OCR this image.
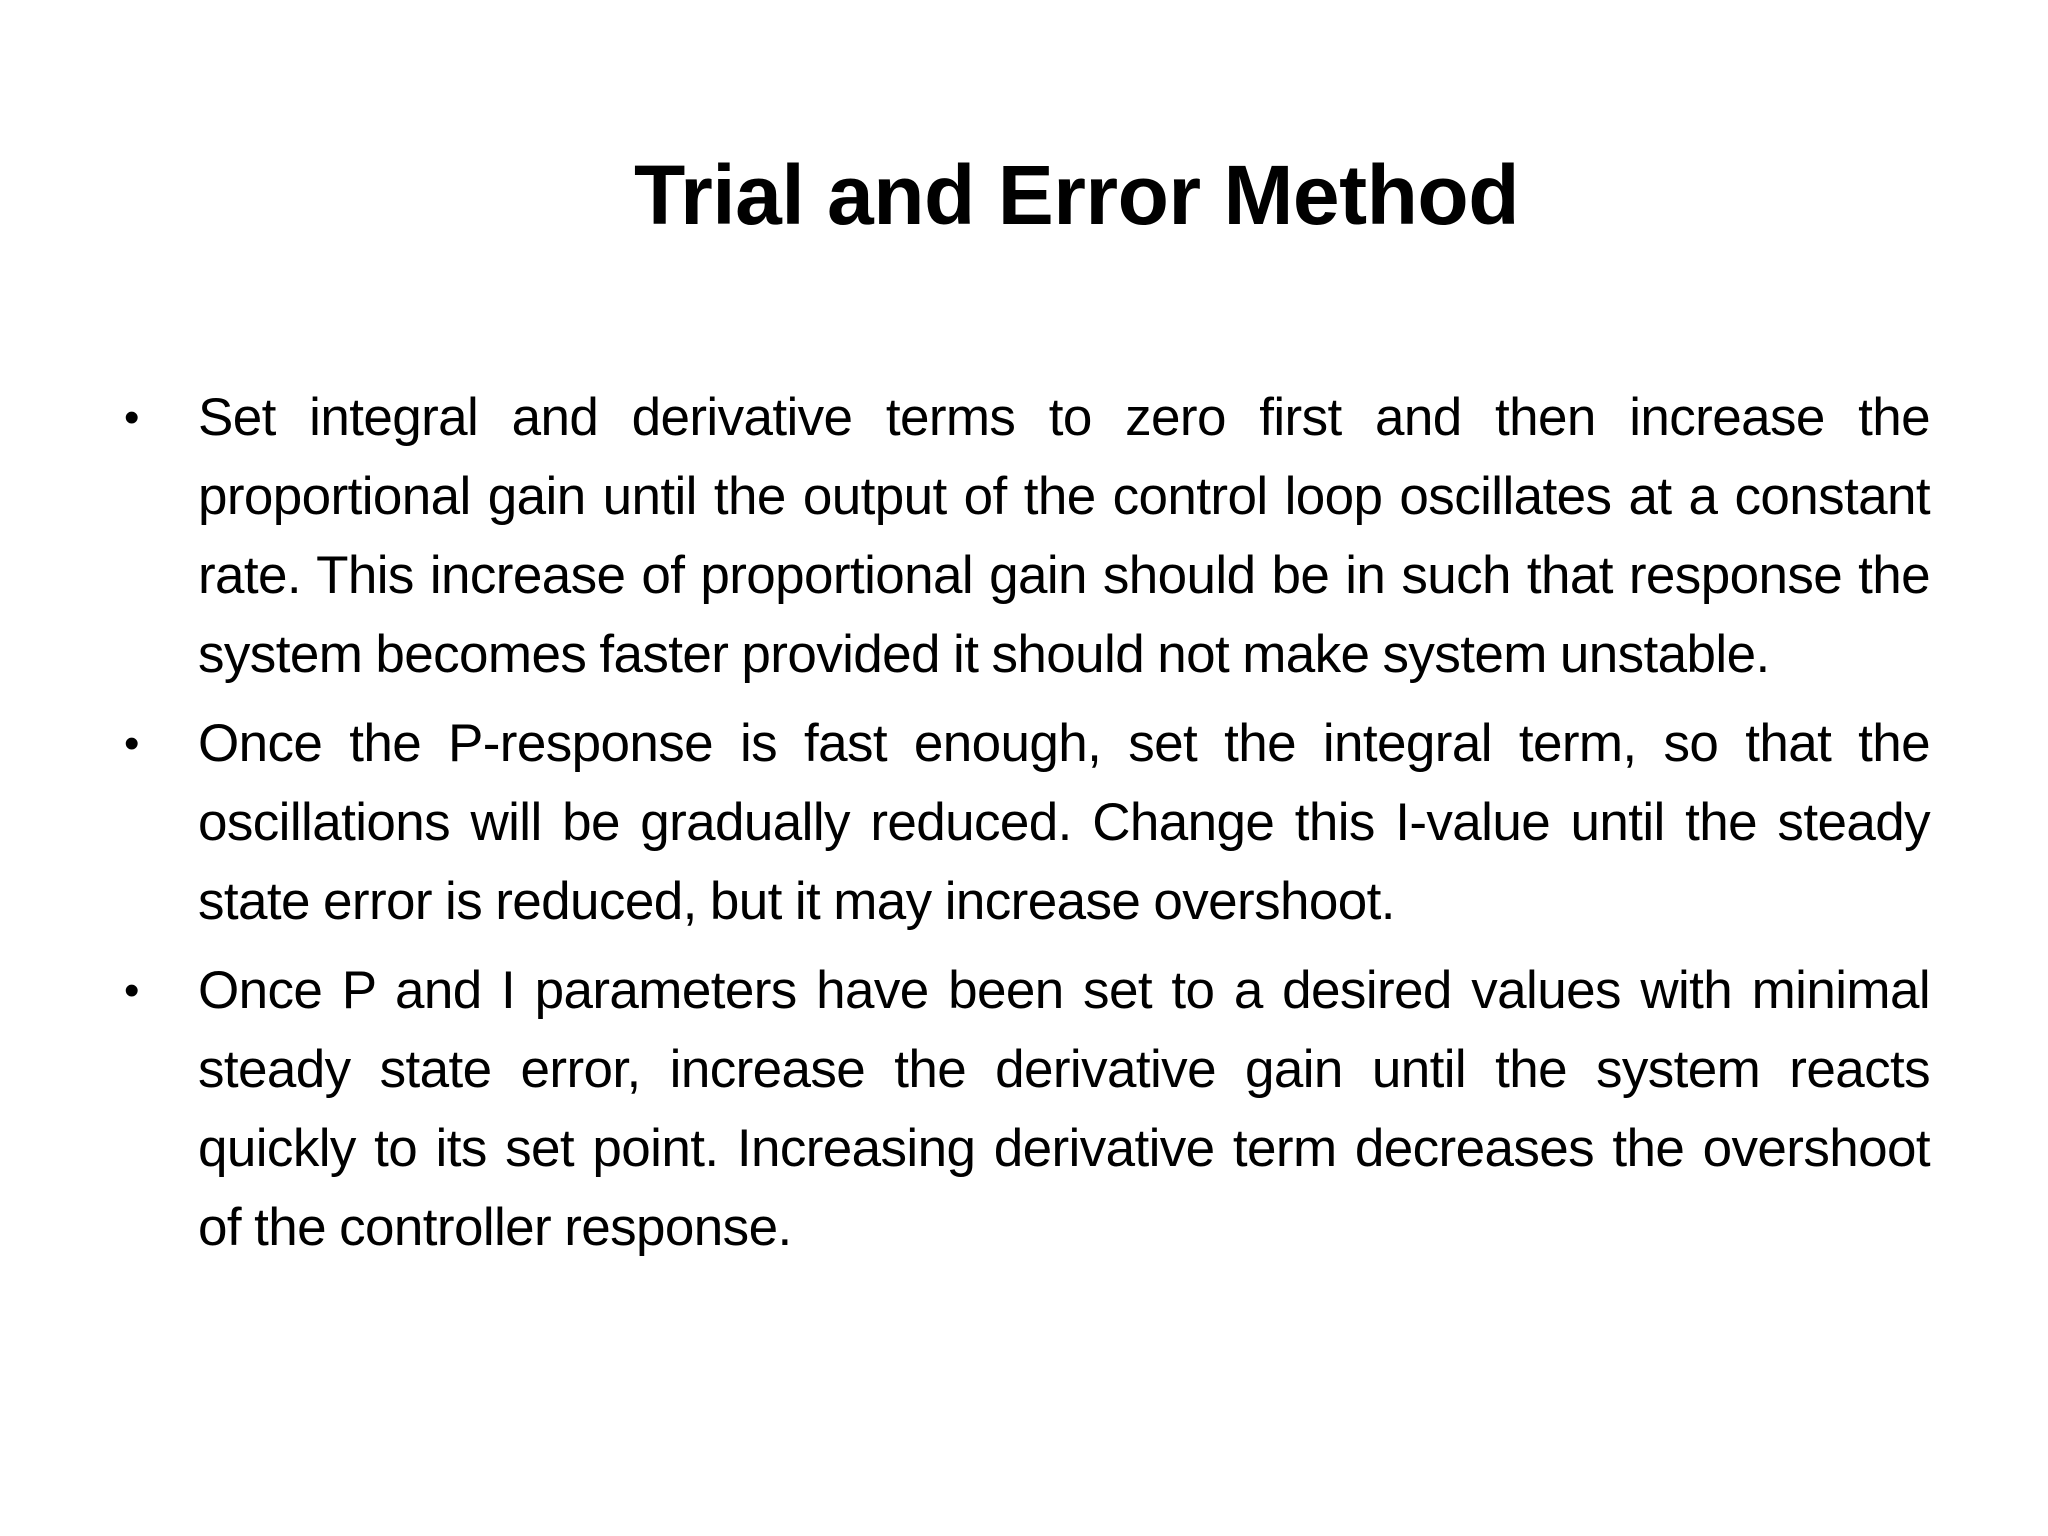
Trial and Error Method
• Set integral and derivative terms to zero first and then increase the proportional gain until the output of the control loop oscillates at a constant rate. This increase of proportional gain should be in such that response the system becomes faster provided it should not make system unstable.
• Once the P-response is fast enough, set the integral term, so that the oscillations will be gradually reduced. Change this I-value until the steady state error is reduced, but it may increase overshoot.
• Once P and I parameters have been set to a desired values with minimal steady state error, increase the derivative gain until the system reacts quickly to its set point. Increasing derivative term decreases the overshoot of the controller response.
